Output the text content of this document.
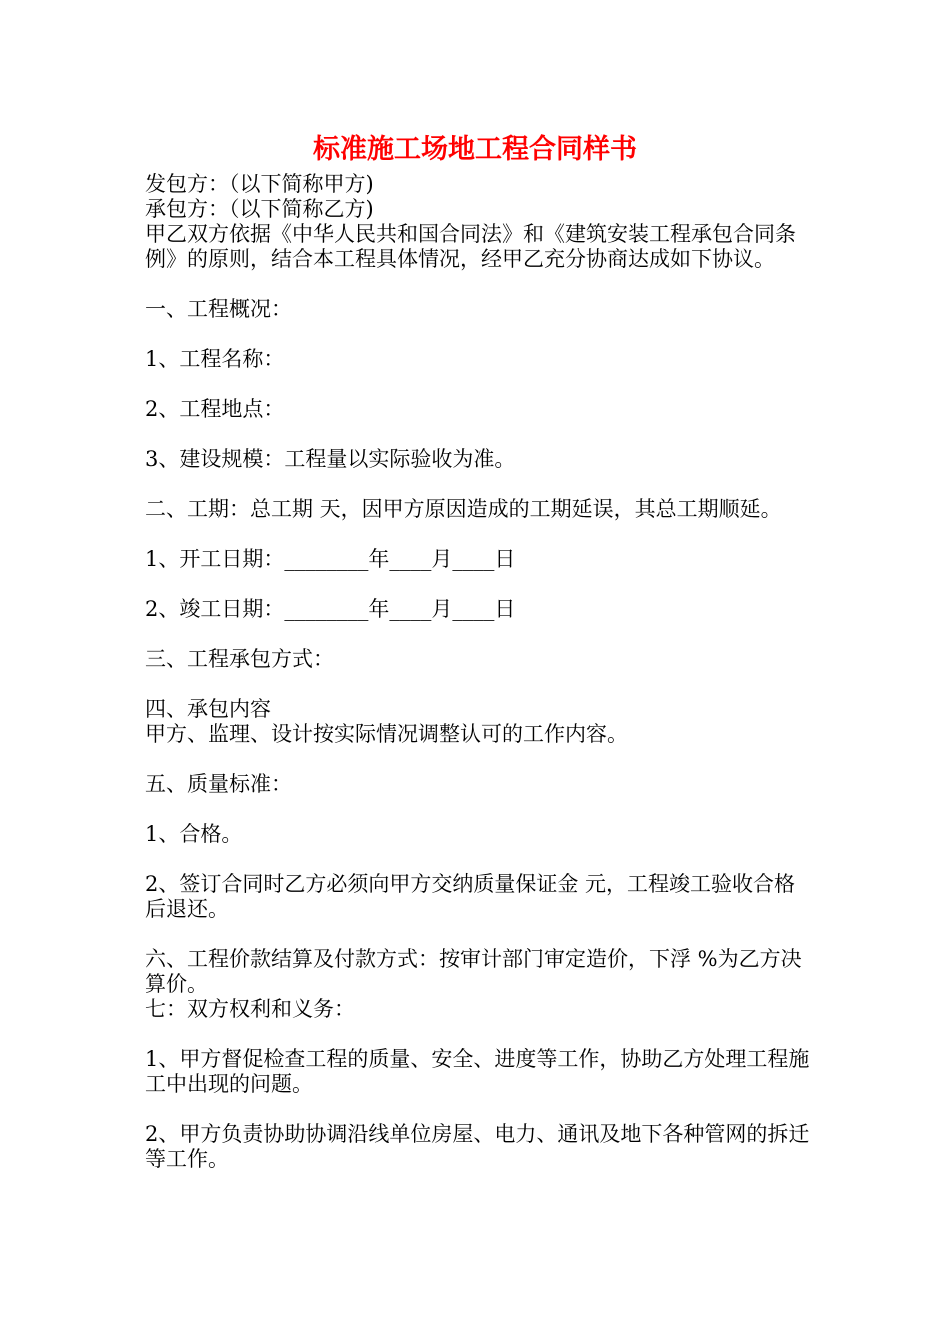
标准施工场地工程合同样书

发包方：（以下简称甲方)

承包方：（以下简称乙方)

甲乙双方依据《中华人民共和国合同法》和《建筑安装工程承包合同条例》的原则，结合本工程具体情况，经甲乙充分协商达成如下协议。

一、工程概况：

1、工程名称：

2、工程地点：

3、建设规模：工程量以实际验收为准。

二、工期：总工期 天，因甲方原因造成的工期延误，其总工期顺延。

1、开工日期：________年____月____日

2、竣工日期：________年____月____日

三、工程承包方式：

四、承包内容

甲方、监理、设计按实际情况调整认可的工作内容。

五、质量标准：

1、合格。

2、签订合同时乙方必须向甲方交纳质量保证金 元，工程竣工验收合格后退还。

六、工程价款结算及付款方式：按审计部门审定造价，下浮 %为乙方决算价。

七：双方权利和义务：

1、甲方督促检查工程的质量、安全、进度等工作，协助乙方处理工程施工中出现的问题。

2、甲方负责协助协调沿线单位房屋、电力、通讯及地下各种管网的拆迁等工作。
